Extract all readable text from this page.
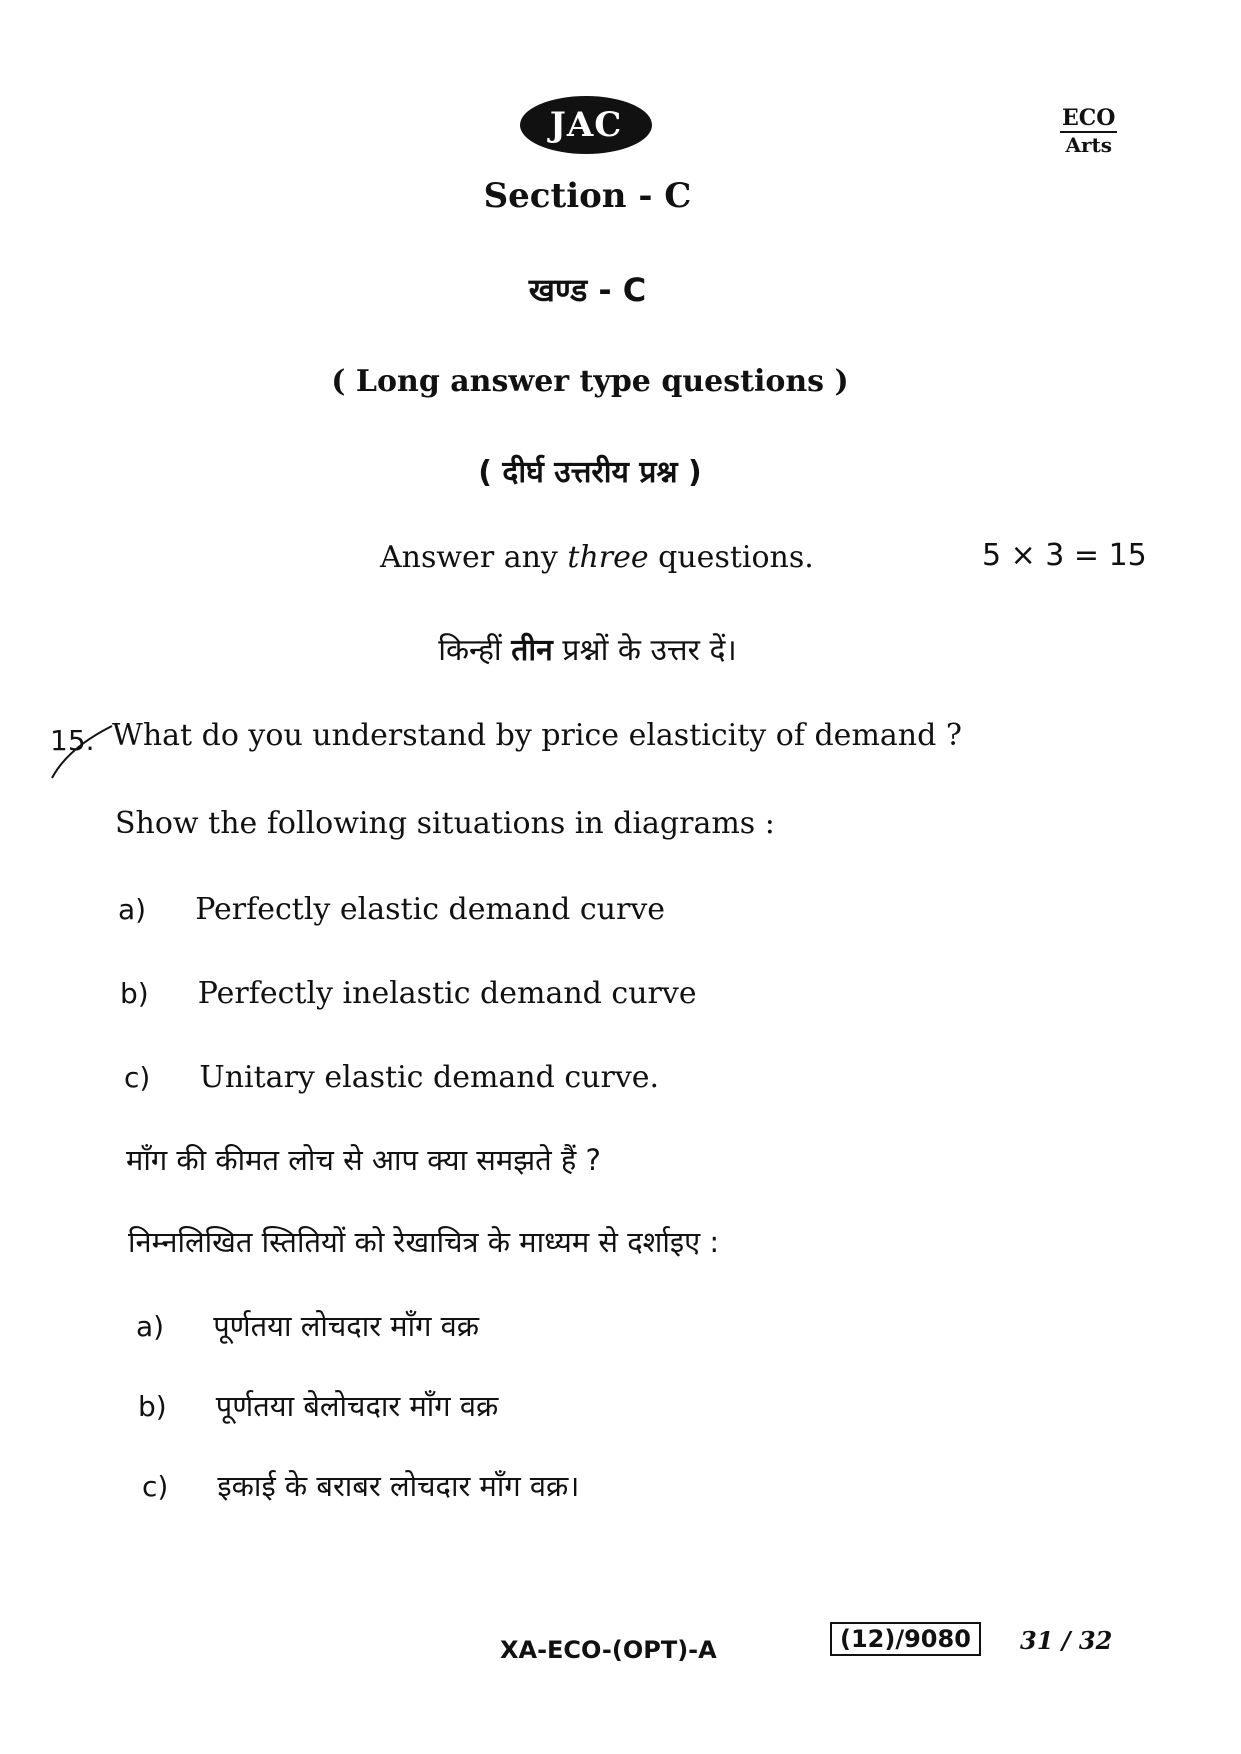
JAC	ECO
Arts
Section - C
खण्ड - C
( Long answer type questions )
( दीर्घ उत्तरीय प्रश्न )
Answer any three questions.	5 × 3 = 15
किन्हीं तीन प्रश्नों के उत्तर दें।
15. What do you understand by price elasticity of demand ?
Show the following situations in diagrams :
a) Perfectly elastic demand curve
b) Perfectly inelastic demand curve
c) Unitary elastic demand curve.
माँग की कीमत लोच से आप क्या समझते हैं ?
निम्नलिखित स्तितियों को रेखाचित्र के माध्यम से दर्शाइए :
a) पूर्णतया लोचदार माँग वक्र
b) पूर्णतया बेलोचदार माँग वक्र
c) इकाई के बराबर लोचदार माँग वक्र।
XA-ECO-(OPT)-A	(12)/9080	31 / 32
